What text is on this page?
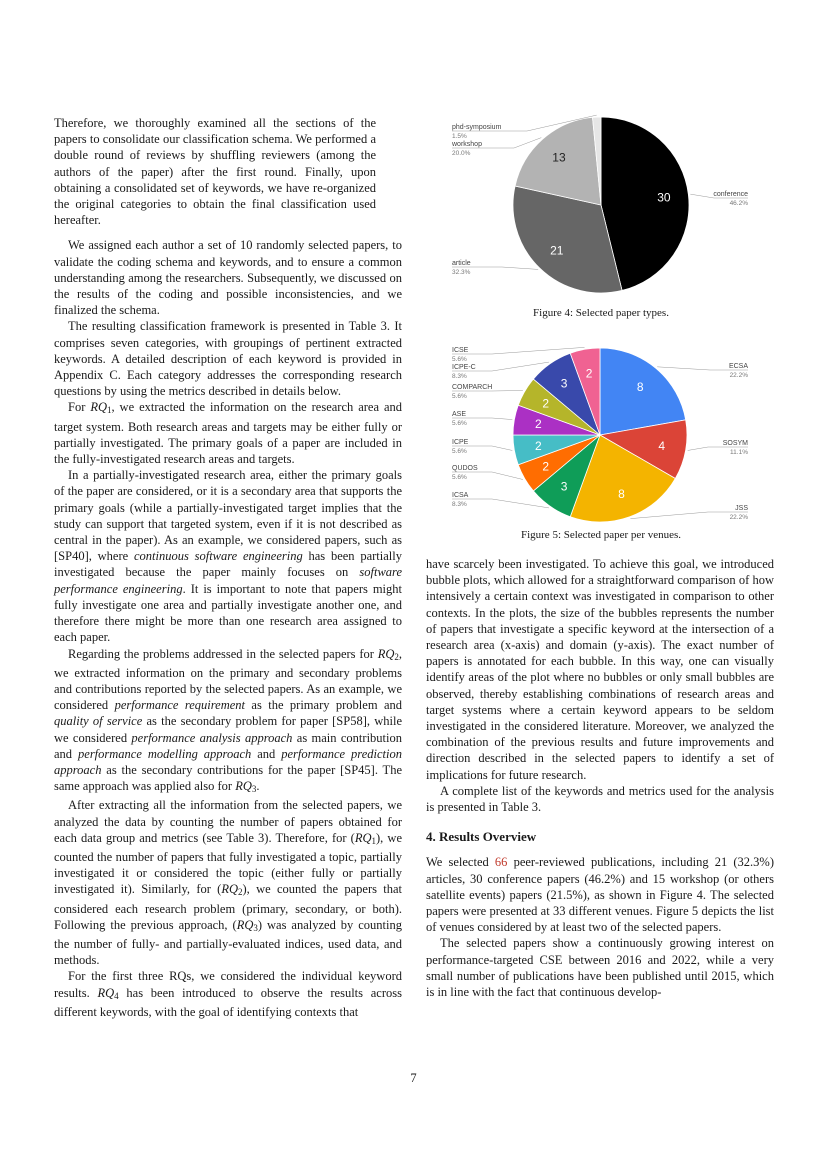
Therefore, we thoroughly examined all the sections of the papers to consolidate our classification schema. We performed a double round of reviews by shuffling reviewers (among the authors of the paper) after the first round. Finally, upon obtaining a consolidated set of keywords, we have re-organized the original categories to obtain the final classification used hereafter.

We assigned each author a set of 10 randomly selected papers, to validate the coding schema and keywords, and to ensure a common understanding among the researchers. Subsequently, we discussed on the results of the coding and possible inconsistencies, and we finalized the schema.

The resulting classification framework is presented in Table 3. It comprises seven categories, with groupings of pertinent extracted keywords. A detailed description of each keyword is provided in Appendix C. Each category addresses the corresponding research questions by using the metrics described in details below.

For $RQ_1$, we extracted the information on the research area and target system. Both research areas and targets may be either fully or partially investigated. The primary goals of a paper are included in the fully-investigated research areas and targets.

In a partially-investigated research area, either the primary goals of the paper are considered, or it is a secondary area that supports the primary goals (while a partially-investigated target implies that the study can support that targeted system, even if it is not described as central in the paper). As an example, we considered papers, such as [SP40], where continuous software engineering has been partially investigated because the paper mainly focuses on software performance engineering. It is important to note that papers might fully investigate one area and partially investigate another one, and therefore there might be more than one research area assigned to each paper.

Regarding the problems addressed in the selected papers for $RQ_2$, we extracted information on the primary and secondary problems and contributions reported by the selected papers. As an example, we considered performance requirement as the primary problem and quality of service as the secondary problem for paper [SP58], while we considered performance analysis approach as main contribution and performance modelling approach and performance prediction approach as the secondary contributions for the paper [SP45]. The same approach was applied also for $RQ_3$.

After extracting all the information from the selected papers, we analyzed the data by counting the number of papers obtained for each data group and metrics (see Table 3). Therefore, for $(RQ_1)$, we counted the number of papers that fully investigated a topic, partially investigated it or considered the topic (either fully or partially investigated it). Similarly, for $(RQ_2)$, we counted the papers that considered each research problem (primary, secondary, or both). Following the previous approach, $(RQ_3)$ was analyzed by counting the number of fully- and partially-evaluated indices, used data, and methods.

For the first three RQs, we considered the individual keyword results. $RQ_4$ has been introduced to observe the results across different keywords, with the goal of identifying contexts that

30	conference
46.2%
21
article
32.3%
13
workshop
20.0%
phd-symposium
1.5%
Figure 4: Selected paper types.
8
ECSA
22.2%
4	SOSYM
11.1%
8
JSS
22.2%
3
ICSA
8.3%
2
QUDOS
5.6%
2
ICPE
5.6%
2
ASE
5.6%
2
COMPARCH
5.6%
3
ICPE-C
8.3%	2
ICSE
5.6%
Figure 5: Selected paper per venues.

have scarcely been investigated. To achieve this goal, we introduced bubble plots, which allowed for a straightforward comparison of how intensively a certain context was investigated in comparison to other contexts. In the plots, the size of the bubbles represents the number of papers that investigate a specific keyword at the intersection of a research area (x-axis) and domain (y-axis). The exact number of papers is annotated for each bubble. In this way, one can visually identify areas of the plot where no bubbles or only small bubbles are observed, thereby establishing combinations of research areas and target systems where a certain keyword appears to be seldom investigated in the considered literature. Moreover, we analyzed the combination of the previous results and future improvements and direction described in the selected papers to identify a set of implications for future research.

A complete list of the keywords and metrics used for the analysis is presented in Table 3.

4. Results Overview

We selected 66 peer-reviewed publications, including 21 (32.3%) articles, 30 conference papers (46.2%) and 15 workshop (or others satellite events) papers (21.5%), as shown in Figure 4. The selected papers were presented at 33 different venues. Figure 5 depicts the list of venues considered by at least two of the selected papers.

The selected papers show a continuously growing interest on performance-targeted CSE between 2016 and 2022, while a very small number of publications have been published until 2015, which is in line with the fact that continuous develop-

7
